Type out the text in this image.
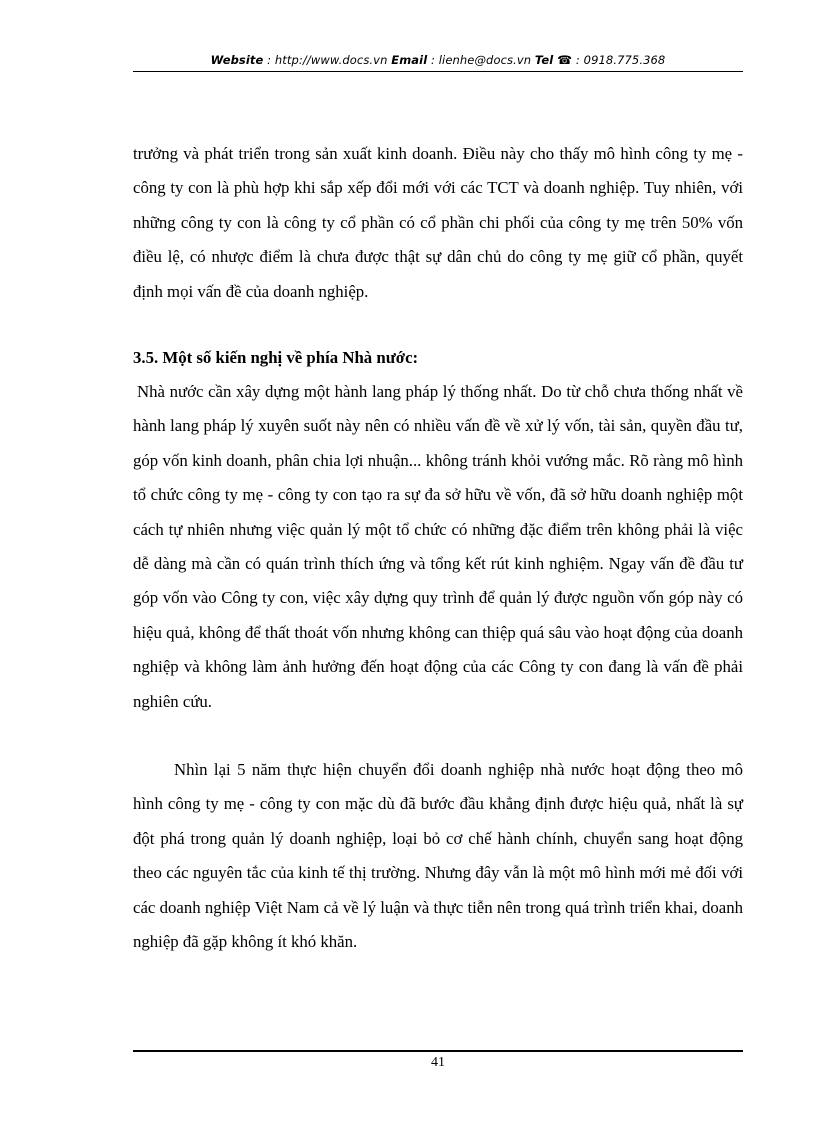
Website : http://www.docs.vn Email : lienhe@docs.vn Tel ☎ : 0918.775.368

trưởng và phát triển trong sản xuất kinh doanh. Điều này cho thấy mô hình công ty mẹ - công ty con là phù hợp khi sắp xếp đổi mới với các TCT và doanh nghiệp. Tuy nhiên, với những công ty con là công ty cổ phần có cổ phần chi phối của công ty mẹ trên 50% vốn điều lệ, có nhược điểm là chưa được thật sự dân chủ do công ty mẹ giữ cổ phần, quyết định mọi vấn đề của doanh nghiệp.

3.5. Một số kiến nghị về phía Nhà nước:

Nhà nước cần xây dựng một hành lang pháp lý thống nhất. Do từ chỗ chưa thống nhất về hành lang pháp lý xuyên suốt này nên có nhiều vấn đề về xử lý vốn, tài sản, quyền đầu tư, góp vốn kinh doanh, phân chia lợi nhuận... không tránh khỏi vướng mắc. Rõ ràng mô hình tổ chức công ty mẹ - công ty con tạo ra sự đa sở hữu về vốn, đã sở hữu doanh nghiệp một cách tự nhiên nhưng việc quản lý một tổ chức có những đặc điểm trên không phải là việc dễ dàng mà cần có quán trình thích ứng và tổng kết rút kinh nghiệm. Ngay vấn đề đầu tư góp vốn vào Công ty con, việc xây dựng quy trình để quản lý được nguồn vốn góp này có hiệu quả, không để thất thoát vốn nhưng không can thiệp quá sâu vào hoạt động của doanh nghiệp và không làm ảnh hưởng đến hoạt động của các Công ty con đang là vấn đề phải nghiên cứu.

Nhìn lại 5 năm thực hiện chuyển đổi doanh nghiệp nhà nước hoạt động theo mô hình công ty mẹ - công ty con mặc dù đã bước đầu khẳng định được hiệu quả, nhất là sự đột phá trong quản lý doanh nghiệp, loại bỏ cơ chế hành chính, chuyển sang hoạt động theo các nguyên tắc của kinh tế thị trường. Nhưng đây vẫn là một mô hình mới mẻ đối với các doanh nghiệp Việt Nam cả về lý luận và thực tiễn nên trong quá trình triển khai, doanh nghiệp đã gặp không ít khó khăn.

41
